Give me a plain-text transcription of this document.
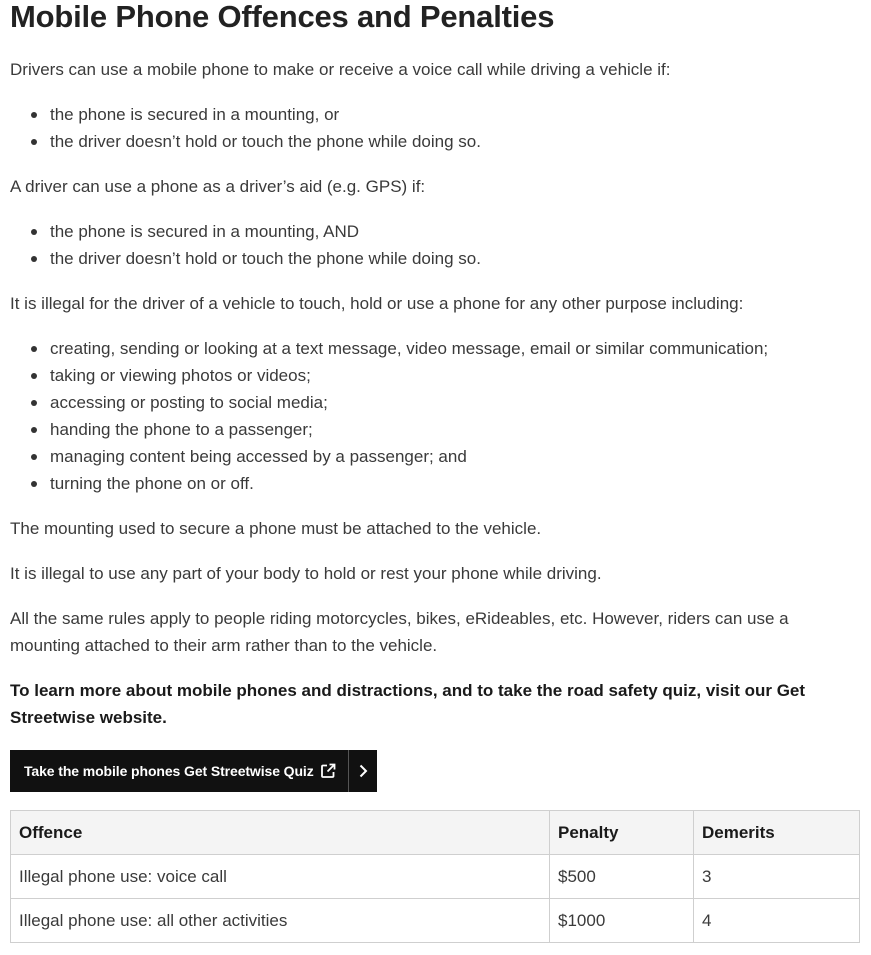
Mobile Phone Offences and Penalties

Drivers can use a mobile phone to make or receive a voice call while driving a vehicle if:

the phone is secured in a mounting, or
the driver doesn’t hold or touch the phone while doing so.

A driver can use a phone as a driver’s aid (e.g. GPS) if:

the phone is secured in a mounting, AND
the driver doesn’t hold or touch the phone while doing so.

It is illegal for the driver of a vehicle to touch, hold or use a phone for any other purpose including:

creating, sending or looking at a text message, video message, email or similar communication;
taking or viewing photos or videos;
accessing or posting to social media;
handing the phone to a passenger;
managing content being accessed by a passenger; and
turning the phone on or off.

The mounting used to secure a phone must be attached to the vehicle.

It is illegal to use any part of your body to hold or rest your phone while driving.

All the same rules apply to people riding motorcycles, bikes, eRideables, etc. However, riders can use a mounting attached to their arm rather than to the vehicle.

To learn more about mobile phones and distractions, and to take the road safety quiz, visit our Get Streetwise website.

Take the mobile phones Get Streetwise Quiz
Offence	Penalty	Demerits
Illegal phone use: voice call	$500	3
Illegal phone use: all other activities	$1000	4
